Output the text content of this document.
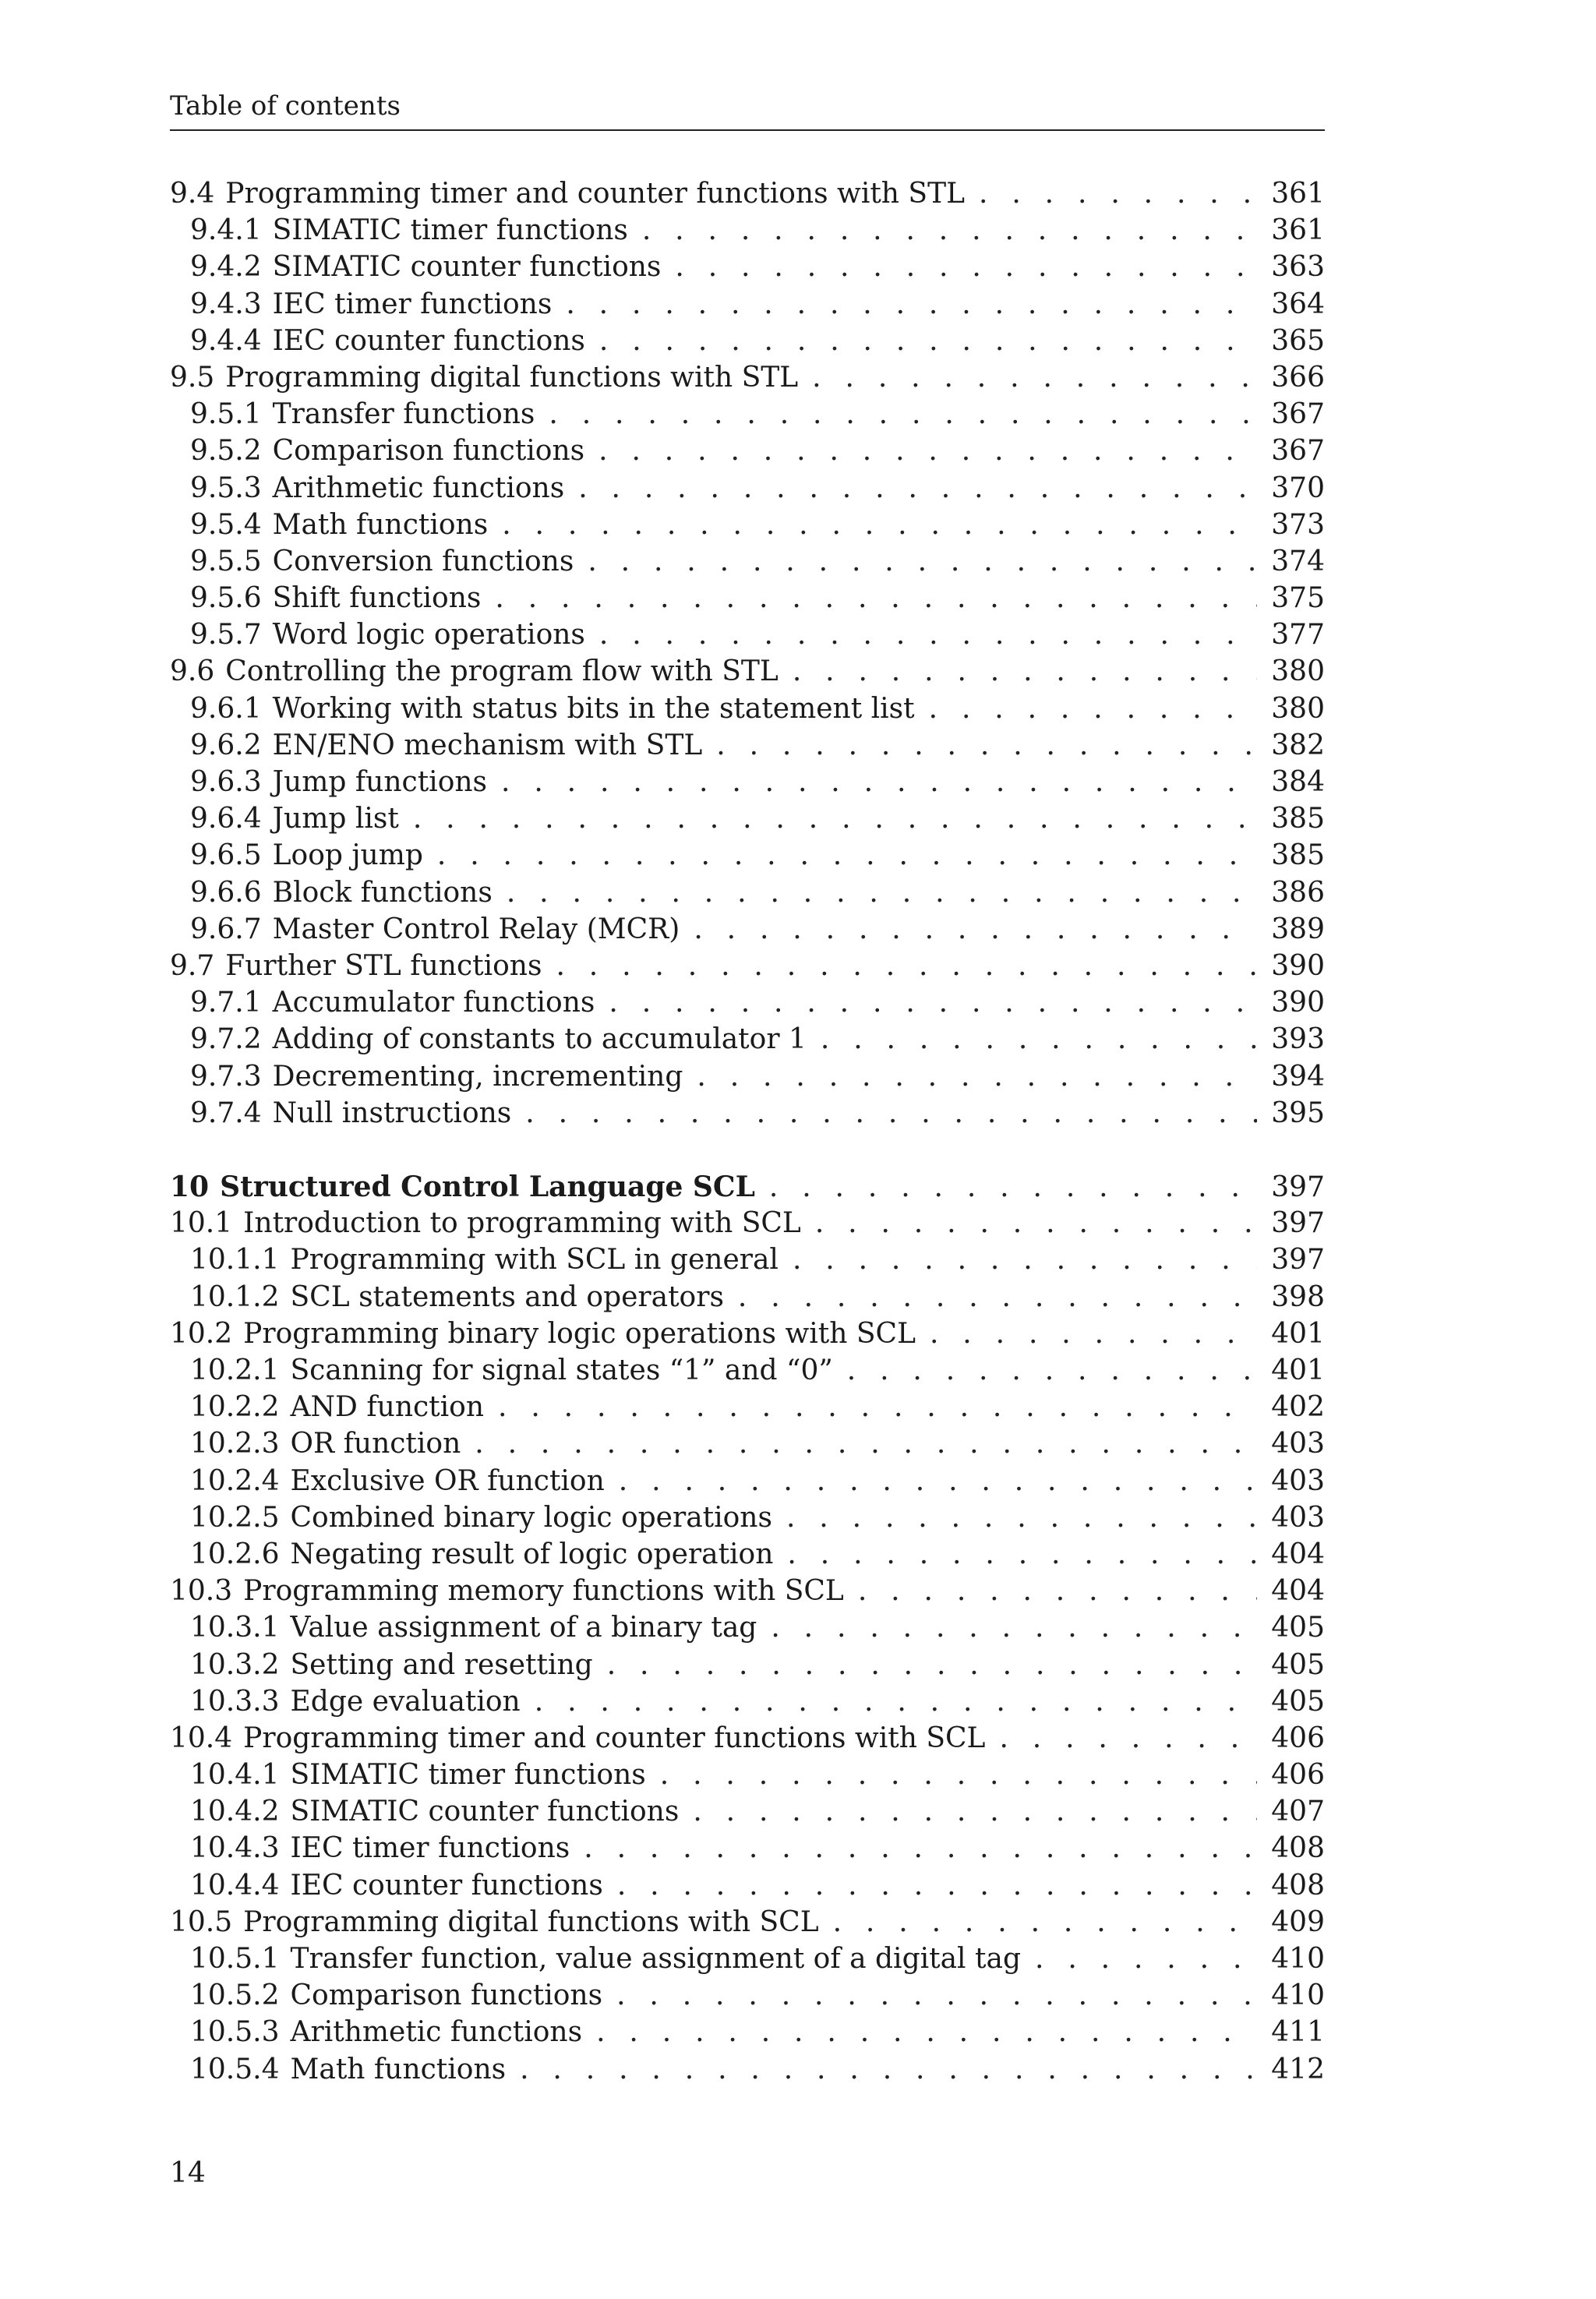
Table of contents
9.4 Programming timer and counter functions with STL . . .	361
9.4.1 SIMATIC timer functions . . .	361
9.4.2 SIMATIC counter functions . . .	363
9.4.3 IEC timer functions . . .	364
9.4.4 IEC counter functions . . .	365
9.5 Programming digital functions with STL . . .	366
9.5.1 Transfer functions . . .	367
9.5.2 Comparison functions . . .	367
9.5.3 Arithmetic functions . . .	370
9.5.4 Math functions . . .	373
9.5.5 Conversion functions . . .	374
9.5.6 Shift functions . . .	375
9.5.7 Word logic operations . . .	377
9.6 Controlling the program flow with STL . . .	380
9.6.1 Working with status bits in the statement list . . .	380
9.6.2 EN/ENO mechanism with STL . . .	382
9.6.3 Jump functions . . .	384
9.6.4 Jump list . . .	385
9.6.5 Loop jump . . .	385
9.6.6 Block functions . . .	386
9.6.7 Master Control Relay (MCR) . . .	389
9.7 Further STL functions . . .	390
9.7.1 Accumulator functions . . .	390
9.7.2 Adding of constants to accumulator 1 . . .	393
9.7.3 Decrementing, incrementing . . .	394
9.7.4 Null instructions . . .	395
10 Structured Control Language SCL . . .	397
10.1 Introduction to programming with SCL . . .	397
10.1.1 Programming with SCL in general . . .	397
10.1.2 SCL statements and operators . . .	398
10.2 Programming binary logic operations with SCL . . .	401
10.2.1 Scanning for signal states “1” and “0” . . .	401
10.2.2 AND function . . .	402
10.2.3 OR function . . .	403
10.2.4 Exclusive OR function . . .	403
10.2.5 Combined binary logic operations . . .	403
10.2.6 Negating result of logic operation . . .	404
10.3 Programming memory functions with SCL . . .	404
10.3.1 Value assignment of a binary tag . . .	405
10.3.2 Setting and resetting . . .	405
10.3.3 Edge evaluation . . .	405
10.4 Programming timer and counter functions with SCL . . .	406
10.4.1 SIMATIC timer functions . . .	406
10.4.2 SIMATIC counter functions . . .	407
10.4.3 IEC timer functions . . .	408
10.4.4 IEC counter functions . . .	408
10.5 Programming digital functions with SCL . . .	409
10.5.1 Transfer function, value assignment of a digital tag . . .	410
10.5.2 Comparison functions . . .	410
10.5.3 Arithmetic functions . . .	411
10.5.4 Math functions . . .	412
14
